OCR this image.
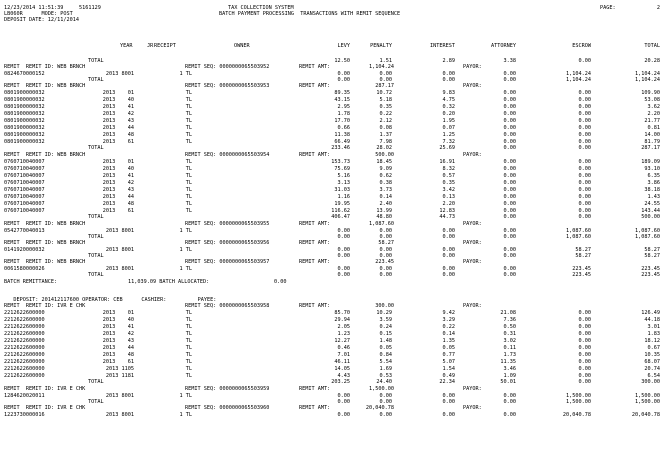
12/23/2014 11:51:39     5161129	TAX COLLECTION SYSTEM	PAGE:	2
LB060R      MODE: POST	BATCH PAYMENT PROCESSING  TRANSACTIONS WITH REMIT SEQUENCE
DEPOSIT DATE: 12/11/2014
YEAR	JR RECEIPT	OWNER	LEVY	PENALTY	INTEREST	ATTORNEY	ESCROW	TOTAL
TOTAL	12.50	1.51	2.89	3.38	0.00	20.28
REMIT  REMIT ID: WEB BRNCH	REMIT SEQ: 0000000065503952	REMIT AMT:	1,104.24	PAYOR:
0824670000152	2013 8001	1 TL	0.00	0.00	0.00	0.00	1,104.24	1,104.24
TOTAL	0.00	0.00	0.00	0.00	1,104.24	1,104.24
REMIT  REMIT ID: WEB BRNCH	REMIT SEQ: 0000000065503953	REMIT AMT:	287.17	PAYOR:
0801900000032	2013    01	TL	89.35	10.72	9.83	0.00	0.00	109.90
0801900000032	2013    40	TL	43.15	5.18	4.75	0.00	0.00	53.08
0801900000032	2013    41	TL	2.95	0.35	0.32	0.00	0.00	3.62
0801900000032	2013    42	TL	1.78	0.22	0.20	0.00	0.00	2.20
0801900000032	2013    43	TL	17.70	2.12	1.95	0.00	0.00	21.77
0801900000032	2013    44	TL	0.66	0.08	0.07	0.00	0.00	0.81
0801900000032	2013    48	TL	11.38	1.37	1.25	0.00	0.00	14.00
0801900000032	2013    61	TL	66.49	7.98	7.32	0.00	0.00	81.79
TOTAL	233.46	28.02	25.69	0.00	0.00	287.17
REMIT  REMIT ID: WEB BRNCH	REMIT SEQ: 0000000065503954	REMIT AMT:	500.00	PAYOR:
0760710040007	2013    01	TL	153.73	18.45	16.91	0.00	0.00	189.09
0760710040007	2013    40	TL	75.69	9.09	8.32	0.00	0.00	93.10
0760710040007	2013    41	TL	5.16	0.62	0.57	0.00	0.00	6.35
0760710040007	2013    42	TL	3.13	0.38	0.35	0.00	0.00	3.86
0760710040007	2013    43	TL	31.03	3.73	3.42	0.00	0.00	38.18
0760710040007	2013    44	TL	1.16	0.14	0.13	0.00	0.00	1.43
0760710040007	2013    48	TL	19.95	2.40	2.20	0.00	0.00	24.55
0760710040007	2013    61	TL	116.62	13.99	12.83	0.00	0.00	143.44
TOTAL	406.47	48.80	44.73	0.00	0.00	500.00
REMIT  REMIT ID: WEB BRNCH	REMIT SEQ: 0000000065503955	REMIT AMT:	1,087.60	PAYOR:
0542770040013	2013 8001	1 TL	0.00	0.00	0.00	0.00	1,087.60	1,087.60
TOTAL	0.00	0.00	0.00	0.00	1,087.60	1,087.60
REMIT  REMIT ID: WEB BRNCH	REMIT SEQ: 0000000065503956	REMIT AMT:	58.27	PAYOR:
0141920000032	2013 8001	1 TL	0.00	0.00	0.00	0.00	58.27	58.27
TOTAL	0.00	0.00	0.00	0.00	58.27	58.27
REMIT  REMIT ID: WEB BRNCH	REMIT SEQ: 0000000065503957	REMIT AMT:	223.45	PAYOR:
0061580000026	2013 8001	1 TL	0.00	0.00	0.00	0.00	223.45	223.45
TOTAL	0.00	0.00	0.00	0.00	223.45	223.45
BATCH REMITTANCE:	11,039.09 BATCH ALLOCATED:	0.00
DEPOSIT: 201412117600 OPERATOR: CEB      CASHIER:          PAYEE:
REMIT  REMIT ID: IVR E CHK	REMIT SEQ: 0000000065503958	REMIT AMT:	300.00	PAYOR:
2212622600000	2013    01	TL	85.70	10.29	9.42	21.08	0.00	126.49
2212622600000	2013    40	TL	29.94	3.59	3.29	7.36	0.00	44.18
2212622600000	2013    41	TL	2.05	0.24	0.22	0.50	0.00	3.01
2212622600000	2013    42	TL	1.23	0.15	0.14	0.31	0.00	1.83
2212622600000	2013    43	TL	12.27	1.48	1.35	3.02	0.00	18.12
2212622600000	2013    44	TL	0.46	0.05	0.05	0.11	0.00	0.67
2212622600000	2013    48	TL	7.01	0.84	0.77	1.73	0.00	10.35
2212622600000	2013    61	TL	46.11	5.54	5.07	11.35	0.00	68.07
2212622600000	2013 1105	TL	14.05	1.69	1.54	3.46	0.00	20.74
2212622600000	2013 1181	TL	4.43	0.53	0.49	1.09	0.00	6.54
TOTAL	203.25	24.40	22.34	50.01	0.00	300.00
REMIT  REMIT ID: IVR E CHK	REMIT SEQ: 0000000065503959	REMIT AMT:	1,500.00	PAYOR:
1284620020011	2013 8001	1 TL	0.00	0.00	0.00	0.00	1,500.00	1,500.00
TOTAL	0.00	0.00	0.00	0.00	1,500.00	1,500.00
REMIT  REMIT ID: IVR E CHK	REMIT SEQ: 0000000065503960	REMIT AMT:	20,040.78	PAYOR:
1223730000016	2013 8001	1 TL	0.00	0.00	0.00	0.00	20,040.78	20,040.78
